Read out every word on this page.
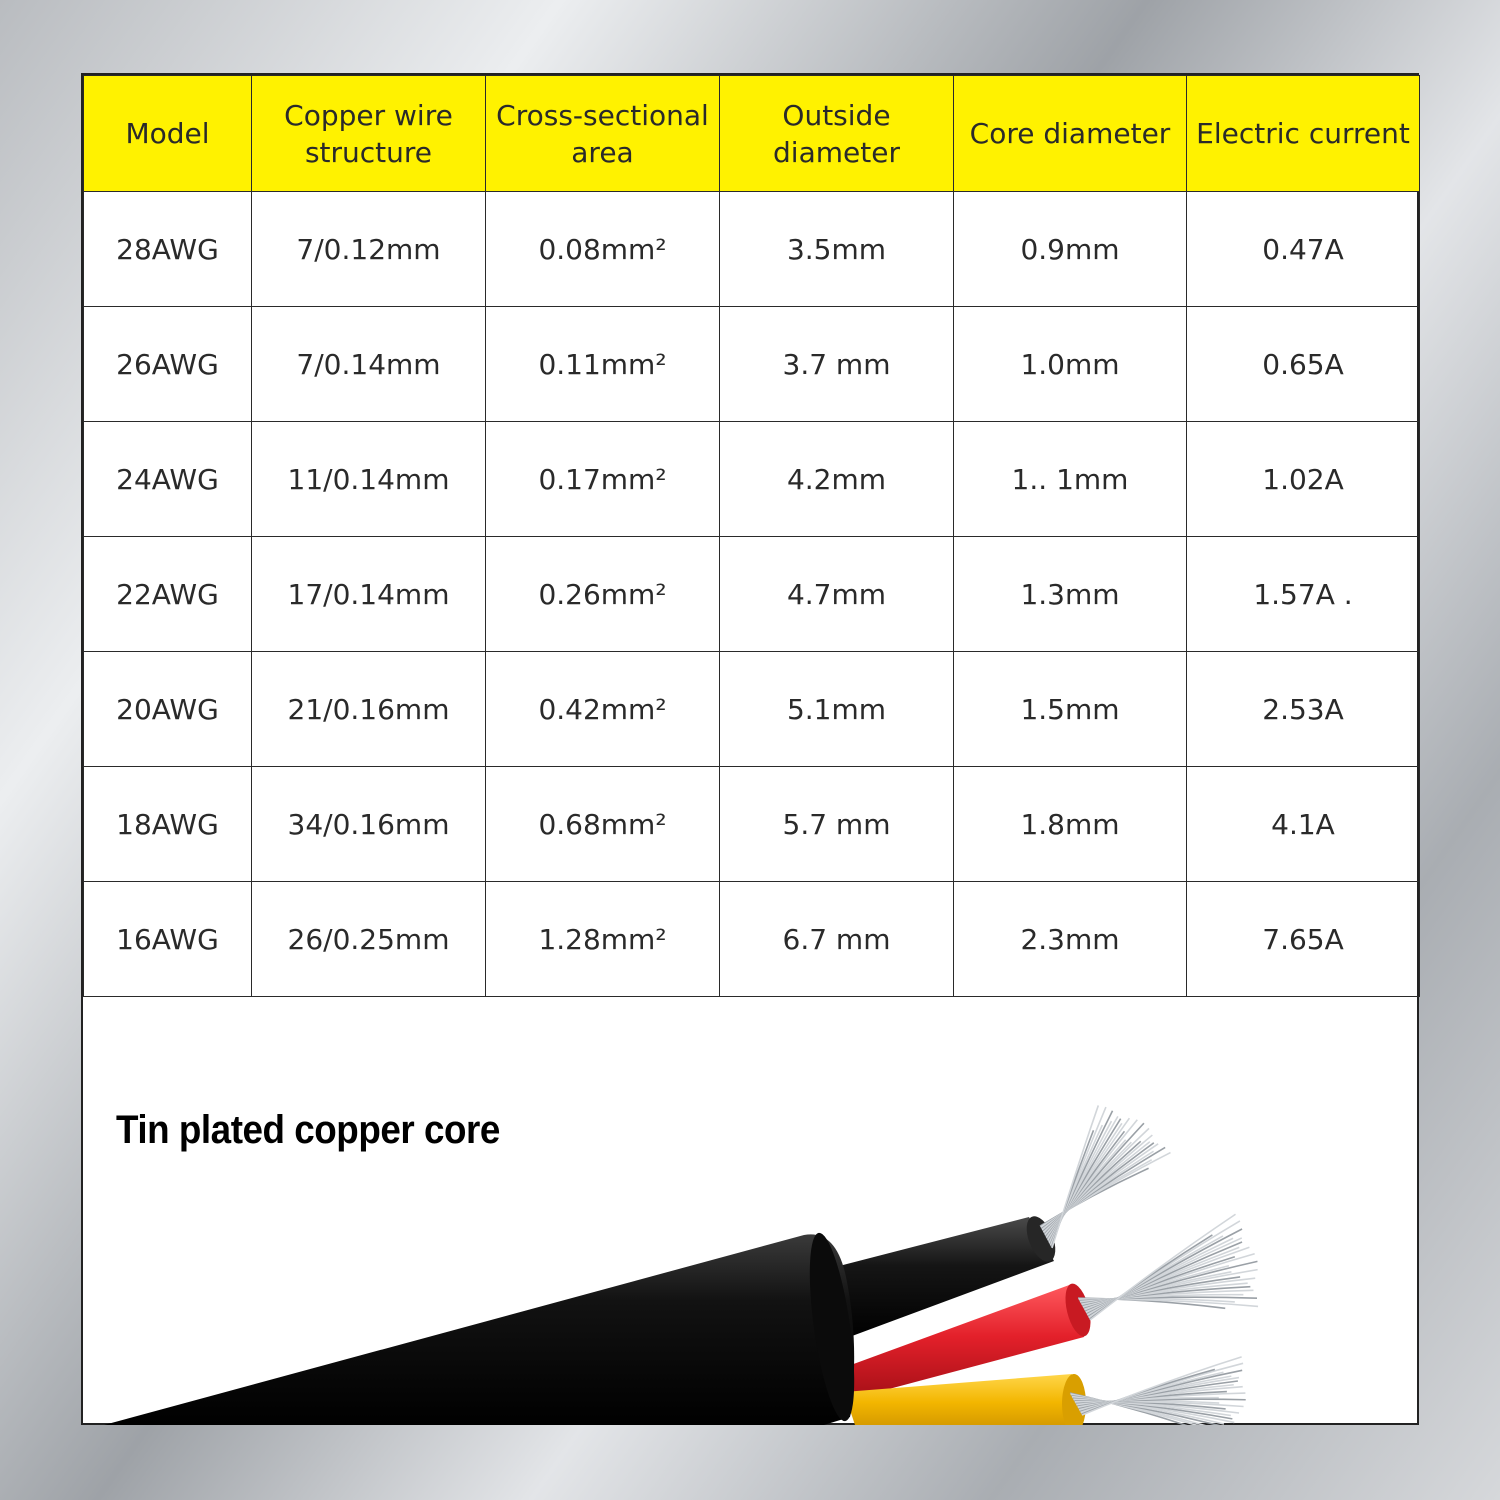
Model	Copper wire structure	Cross-sectional area	Outside diameter	Core diameter	Electric current
28AWG	7/0.12mm	0.08mm²	3.5mm	0.9mm	0.47A
26AWG	7/0.14mm	0.11mm²	3.7 mm	1.0mm	0.65A
24AWG	11/0.14mm	0.17mm²	4.2mm	1.. 1mm	1.02A
22AWG	17/0.14mm	0.26mm²	4.7mm	1.3mm	1.57A .
20AWG	21/0.16mm	0.42mm²	5.1mm	1.5mm	2.53A
18AWG	34/0.16mm	0.68mm²	5.7 mm	1.8mm	4.1A
16AWG	26/0.25mm	1.28mm²	6.7 mm	2.3mm	7.65A
Tin plated copper core
